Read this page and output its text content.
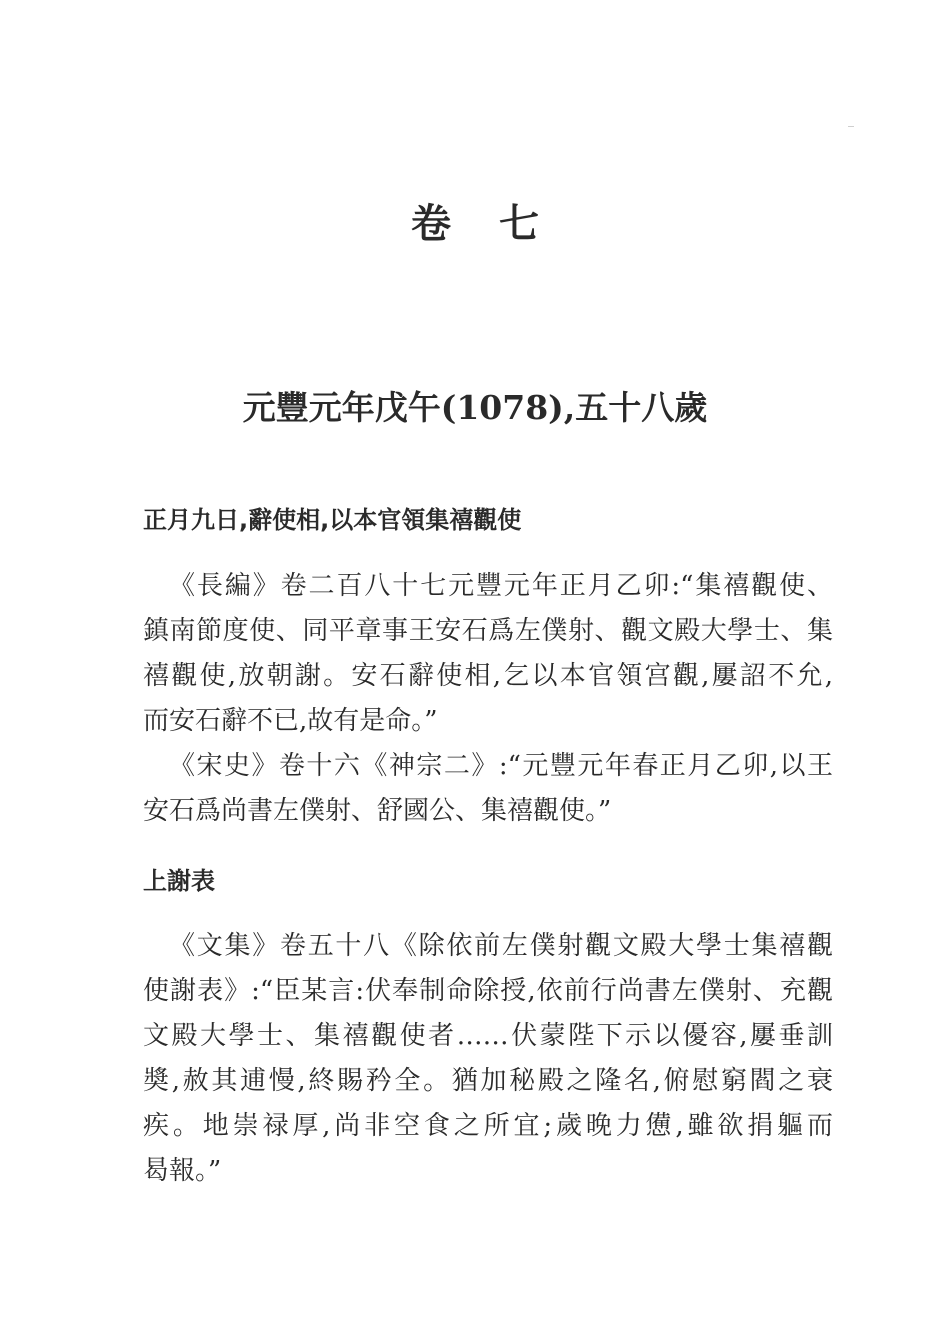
卷七
元豐元年戊午(1078),五十八歲
正月九日,辭使相,以本官領集禧觀使

《長編》卷二百八十七元豐元年正月乙卯:“集禧觀使、
鎮南節度使、同平章事王安石爲左僕射、觀文殿大學士、集
禧觀使,放朝謝。安石辭使相,乞以本官領宫觀,屢詔不允,
而安石辭不已,故有是命。”

《宋史》卷十六《神宗二》:“元豐元年春正月乙卯,以王
安石爲尚書左僕射、舒國公、集禧觀使。”

上謝表

《文集》卷五十八《除依前左僕射觀文殿大學士集禧觀
使謝表》:“臣某言:伏奉制命除授,依前行尚書左僕射、充觀
文殿大學士、集禧觀使者……伏蒙陛下示以優容,屢垂訓
奬,赦其逋慢,終賜矜全。猶加秘殿之隆名,俯慰窮閻之衰
疾。地崇禄厚,尚非空食之所宜;歲晚力憊,雖欲捐軀而
曷報。”
